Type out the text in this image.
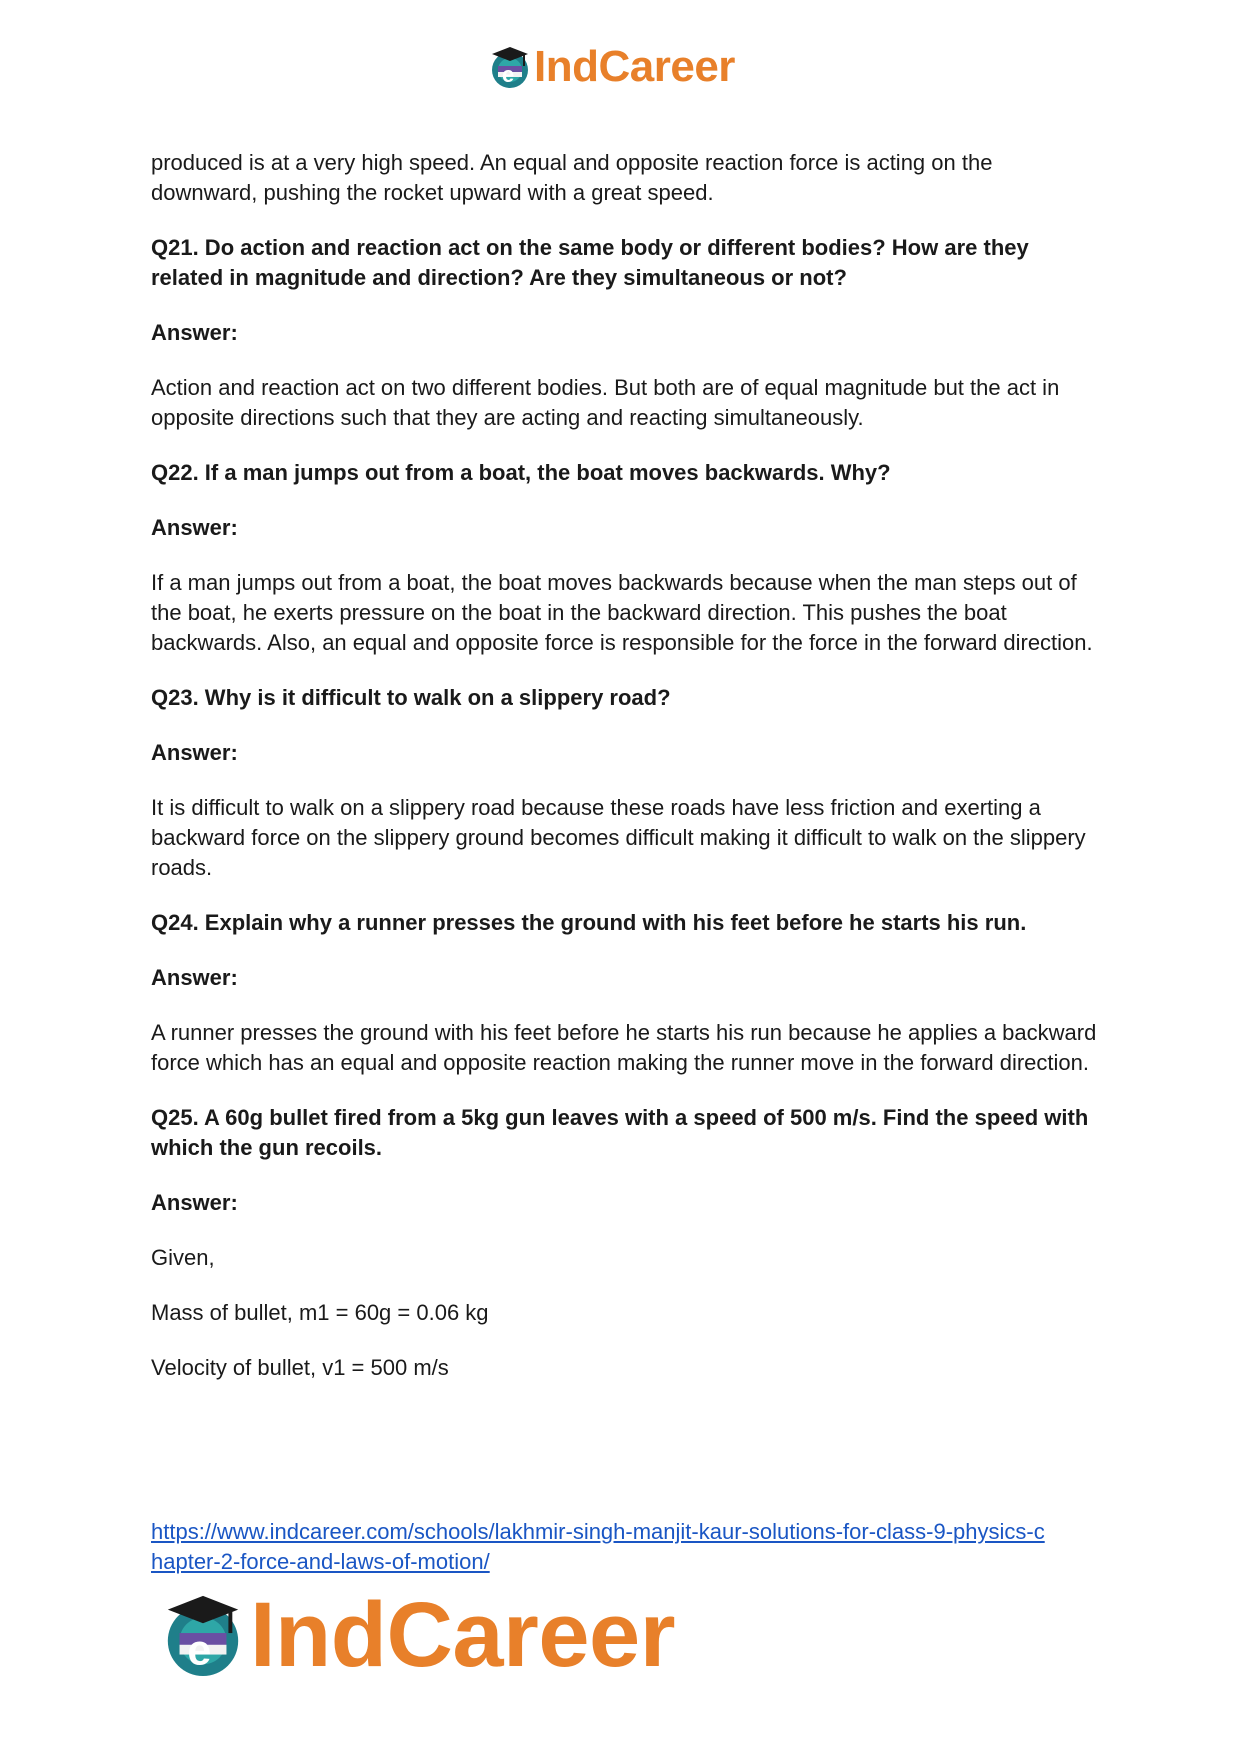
e IndCareer

produced is at a very high speed. An equal and opposite reaction force is acting on the downward, pushing the rocket upward with a great speed.

Q21. Do action and reaction act on the same body or different bodies? How are they related in magnitude and direction? Are they simultaneous or not?

Answer:

Action and reaction act on two different bodies. But both are of equal magnitude but the act in opposite directions such that they are acting and reacting simultaneously.

Q22. If a man jumps out from a boat, the boat moves backwards. Why?

Answer:

If a man jumps out from a boat, the boat moves backwards because when the man steps out of the boat, he exerts pressure on the boat in the backward direction. This pushes the boat backwards. Also, an equal and opposite force is responsible for the force in the forward direction.

Q23. Why is it difficult to walk on a slippery road?

Answer:

It is difficult to walk on a slippery road because these roads have less friction and exerting a backward force on the slippery ground becomes difficult making it difficult to walk on the slippery roads.

Q24. Explain why a runner presses the ground with his feet before he starts his run.

Answer:

A runner presses the ground with his feet before he starts his run because he applies a backward force which has an equal and opposite reaction making the runner move in the forward direction.

Q25. A 60g bullet fired from a 5kg gun leaves with a speed of 500 m/s. Find the speed with which the gun recoils.

Answer:

Given,

Mass of bullet, m1 = 60g = 0.06 kg

Velocity of bullet, v1 = 500 m/s

https://www.indcareer.com/schools/lakhmir-singh-manjit-kaur-solutions-for-class-9-physics-c
hapter-2-force-and-laws-of-motion/
e IndCareer
